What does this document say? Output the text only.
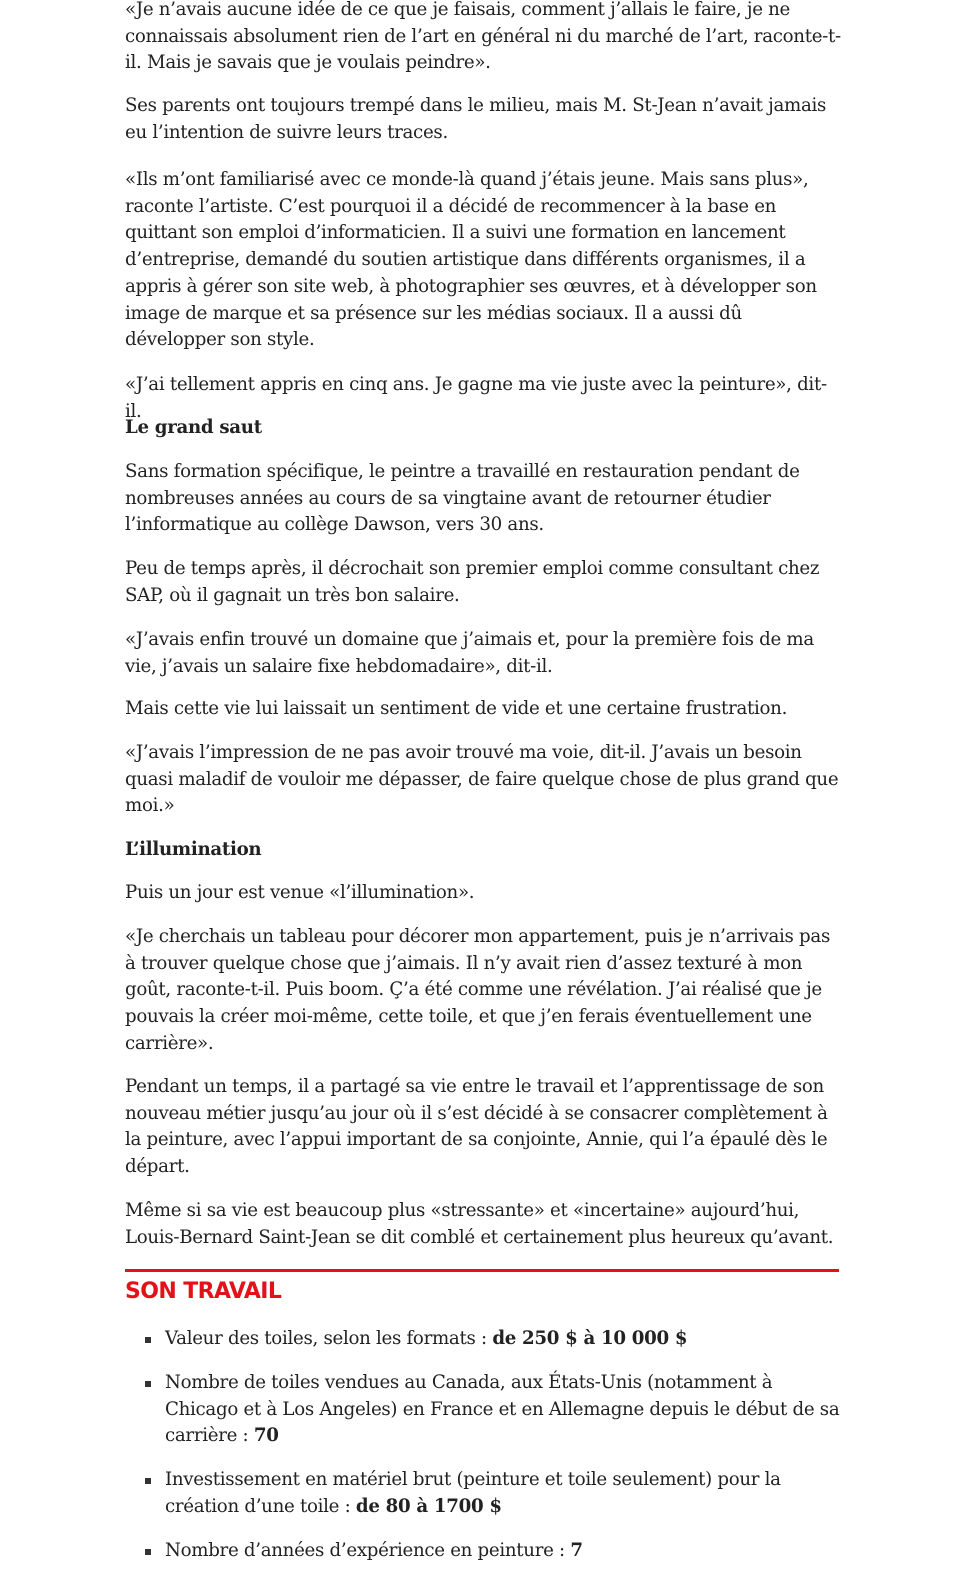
«Je n’avais aucune idée de ce que je faisais, comment j’allais le faire, je ne connaissais absolument rien de l’art en général ni du marché de l’art, raconte-t-il. Mais je savais que je voulais peindre».

Ses parents ont toujours trempé dans le milieu, mais M. St-Jean n’avait jamais eu l’intention de suivre leurs traces.

«Ils m’ont familiarisé avec ce monde-là quand j’étais jeune. Mais sans plus», raconte l’artiste. C’est pourquoi il a décidé de recommencer à la base en quittant son emploi d’informaticien. Il a suivi une formation en lancement d’entreprise, demandé du soutien artistique dans différents organismes, il a appris à gérer son site web, à photographier ses œuvres, et à développer son image de marque et sa présence sur les médias sociaux. Il a aussi dû développer son style.

«J’ai tellement appris en cinq ans. Je gagne ma vie juste avec la peinture», dit-il.

Le grand saut

Sans formation spécifique, le peintre a travaillé en restauration pendant de nombreuses années au cours de sa vingtaine avant de retourner étudier l’informatique au collège Dawson, vers 30 ans.

Peu de temps après, il décrochait son premier emploi comme consultant chez SAP, où il gagnait un très bon salaire.

«J’avais enfin trouvé un domaine que j’aimais et, pour la première fois de ma vie, j’avais un salaire fixe hebdomadaire», dit-il.

Mais cette vie lui laissait un sentiment de vide et une certaine frustration.

«J’avais l’impression de ne pas avoir trouvé ma voie, dit-il. J’avais un besoin quasi maladif de vouloir me dépasser, de faire quelque chose de plus grand que moi.»

L’illumination

Puis un jour est venue «l’illumination».

«Je cherchais un tableau pour décorer mon appartement, puis je n’arrivais pas à trouver quelque chose que j’aimais. Il n’y avait rien d’assez texturé à mon goût, raconte-t-il. Puis boom. Ç’a été comme une révélation. J’ai réalisé que je pouvais la créer moi-même, cette toile, et que j’en ferais éventuellement une carrière».

Pendant un temps, il a partagé sa vie entre le travail et l’apprentissage de son nouveau métier jusqu’au jour où il s’est décidé à se consacrer complètement à la peinture, avec l’appui important de sa conjointe, Annie, qui l’a épaulé dès le départ.

Même si sa vie est beaucoup plus «stressante» et «incertaine» aujourd’hui, Louis-Bernard Saint-Jean se dit comblé et certainement plus heureux qu’avant.

SON TRAVAIL
Valeur des toiles, selon les formats : de 250 $ à 10 000 $
Nombre de toiles vendues au Canada, aux États-Unis (notamment à Chicago et à Los Angeles) en France et en Allemagne depuis le début de sa carrière : 70
Investissement en matériel brut (peinture et toile seulement) pour la création d’une toile : de 80 à 1700 $
Nombre d’années d’expérience en peinture : 7
